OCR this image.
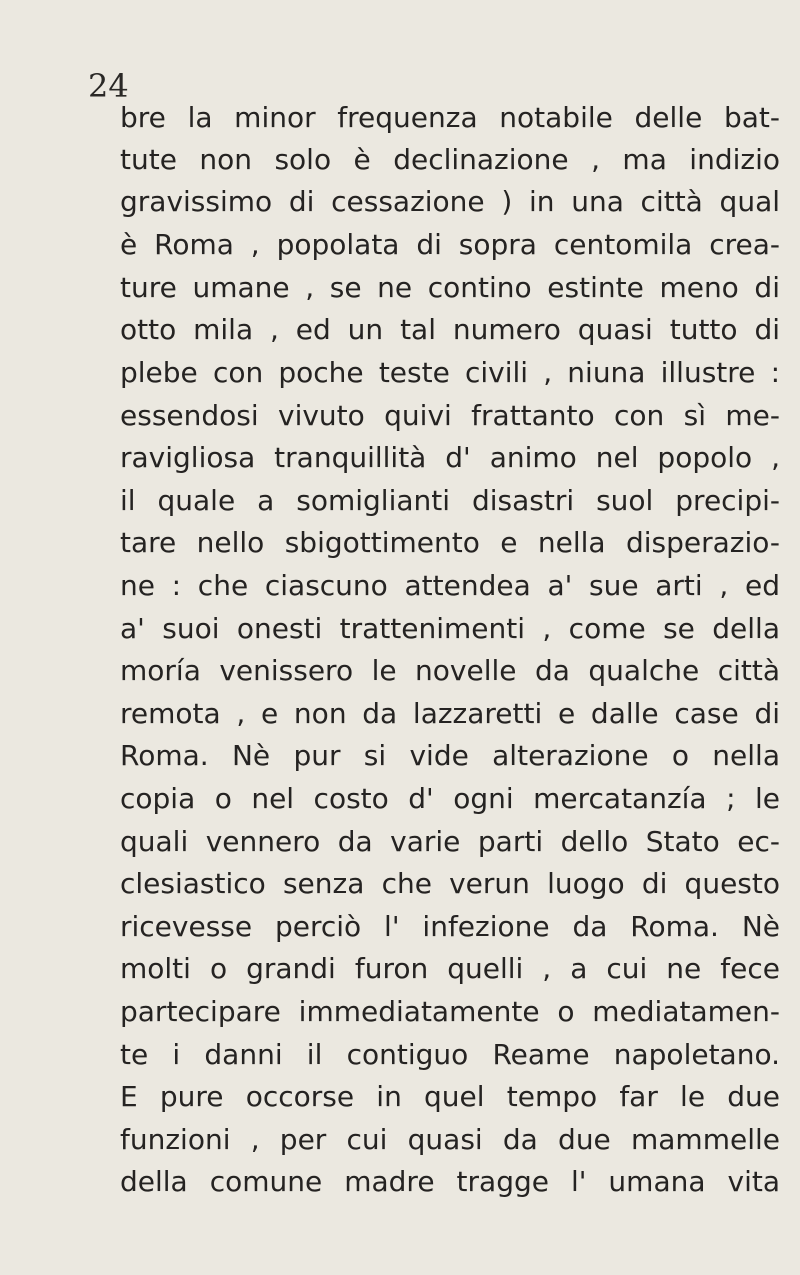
24
bre la minor frequenza notabile delle bat-
tute non solo è declinazione , ma indizio
gravissimo di cessazione ) in una città qual
è Roma , popolata di sopra centomila crea-
ture umane , se ne contino estinte meno di
otto mila , ed un tal numero quasi tutto di
plebe con poche teste civili , niuna illustre :
essendosi vivuto quivi frattanto con sì me-
ravigliosa tranquillità d' animo nel popolo ,
il quale a somiglianti disastri suol precipi-
tare nello sbigottimento e nella disperazio-
ne : che ciascuno attendea a' sue arti , ed
a' suoi onesti trattenimenti , come se della
moría venissero le novelle da qualche città
remota , e non da lazzaretti e dalle case di
Roma. Nè pur si vide alterazione o nella
copia o nel costo d' ogni mercatanzía ; le
quali vennero da varie parti dello Stato ec-
clesiastico senza che verun luogo di questo
ricevesse perciò l' infezione da Roma. Nè
molti o grandi furon quelli , a cui ne fece
partecipare immediatamente o mediatamen-
te i danni il contiguo Reame napoletano.
E pure occorse in quel tempo far le due
funzioni , per cui quasi da due mammelle
della comune madre tragge l' umana vita
